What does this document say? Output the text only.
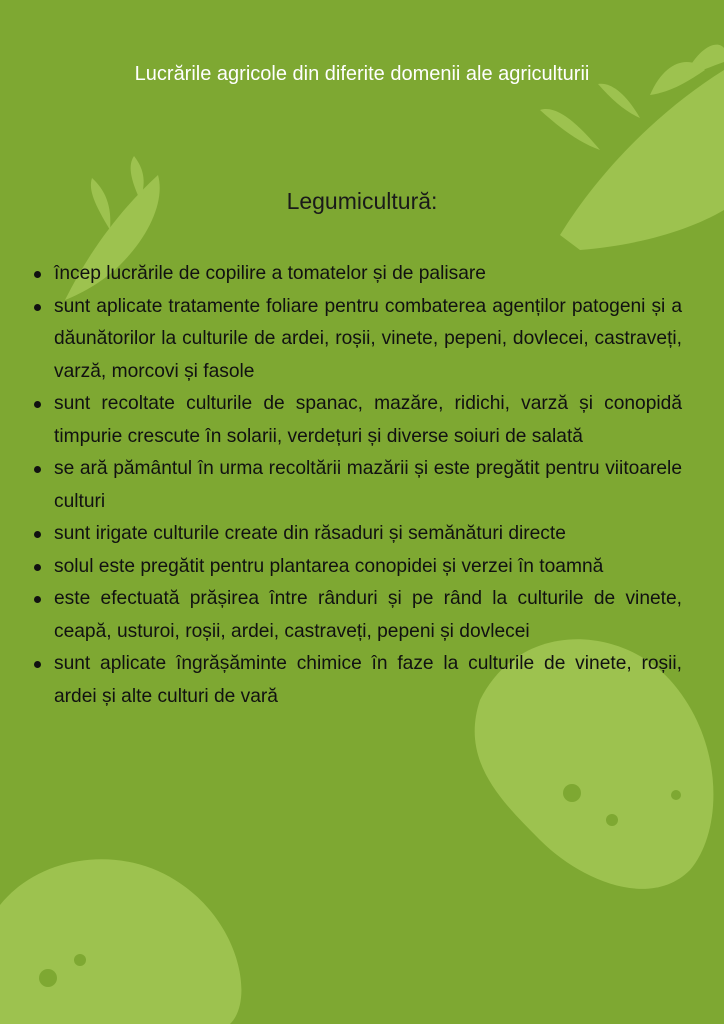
Lucrările agricole din diferite domenii ale agriculturii
Legumicultură:
încep lucrările de copilire a tomatelor și de palisare
sunt aplicate tratamente foliare pentru combaterea agenților patogeni și a dăunătorilor la culturile de ardei, roșii, vinete, pepeni, dovlecei, castraveți, varză, morcovi și fasole
sunt recoltate culturile de spanac, mazăre, ridichi, varză și conopidă timpurie crescute în solarii, verdețuri și diverse soiuri de salată
se ară pământul în urma recoltării mazării și este pregătit pentru viitoarele culturi
sunt irigate culturile create din răsaduri și semănături directe
solul este pregătit pentru plantarea conopidei și verzei în toamnă
este efectuată prășirea între rânduri și pe rând la culturile de vinete, ceapă, usturoi, roșii, ardei, castraveți, pepeni și dovlecei
sunt aplicate îngrășăminte chimice în faze la culturile de vinete, roșii, ardei și alte culturi de vară
